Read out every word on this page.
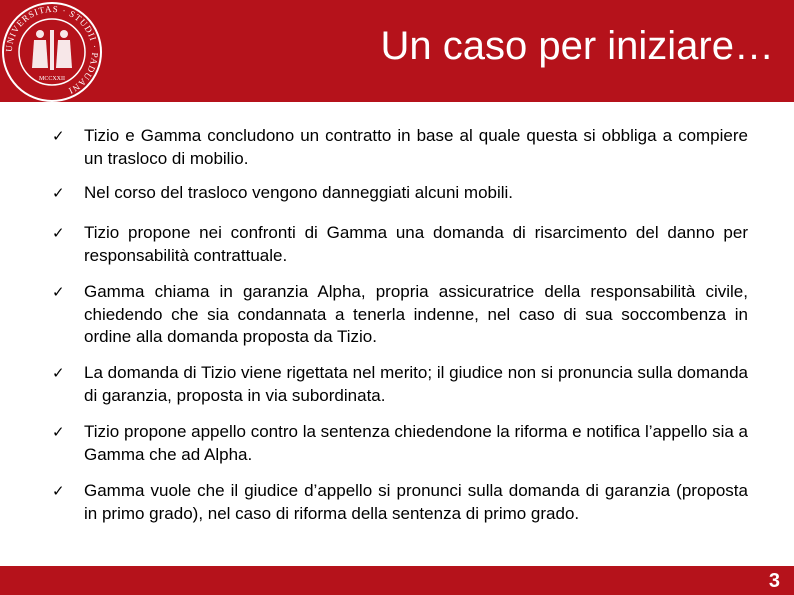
UNIVERSITAS · STUDII · PADUANI
MCCXXII
Un caso per iniziare…
✓	Tizio e Gamma concludono un contratto in base al quale questa si obbliga a compiere un trasloco di mobilio.
✓	Nel corso del trasloco vengono danneggiati alcuni mobili.
✓	Tizio propone nei confronti di Gamma una domanda di risarcimento del danno per responsabilità contrattuale.
✓	Gamma chiama in garanzia Alpha, propria assicuratrice della responsabilità civile, chiedendo che sia condannata a tenerla indenne, nel caso di sua soccombenza in ordine alla domanda proposta da Tizio.
✓	La domanda di Tizio viene rigettata nel merito; il giudice non si pronuncia sulla domanda di garanzia, proposta in via subordinata.
✓	Tizio propone appello contro la sentenza chiedendone la riforma e notifica l’appello sia a Gamma che ad Alpha.
✓	Gamma vuole che il giudice d’appello si pronunci sulla domanda di garanzia (proposta in primo grado), nel caso di riforma della sentenza di primo grado.
3
